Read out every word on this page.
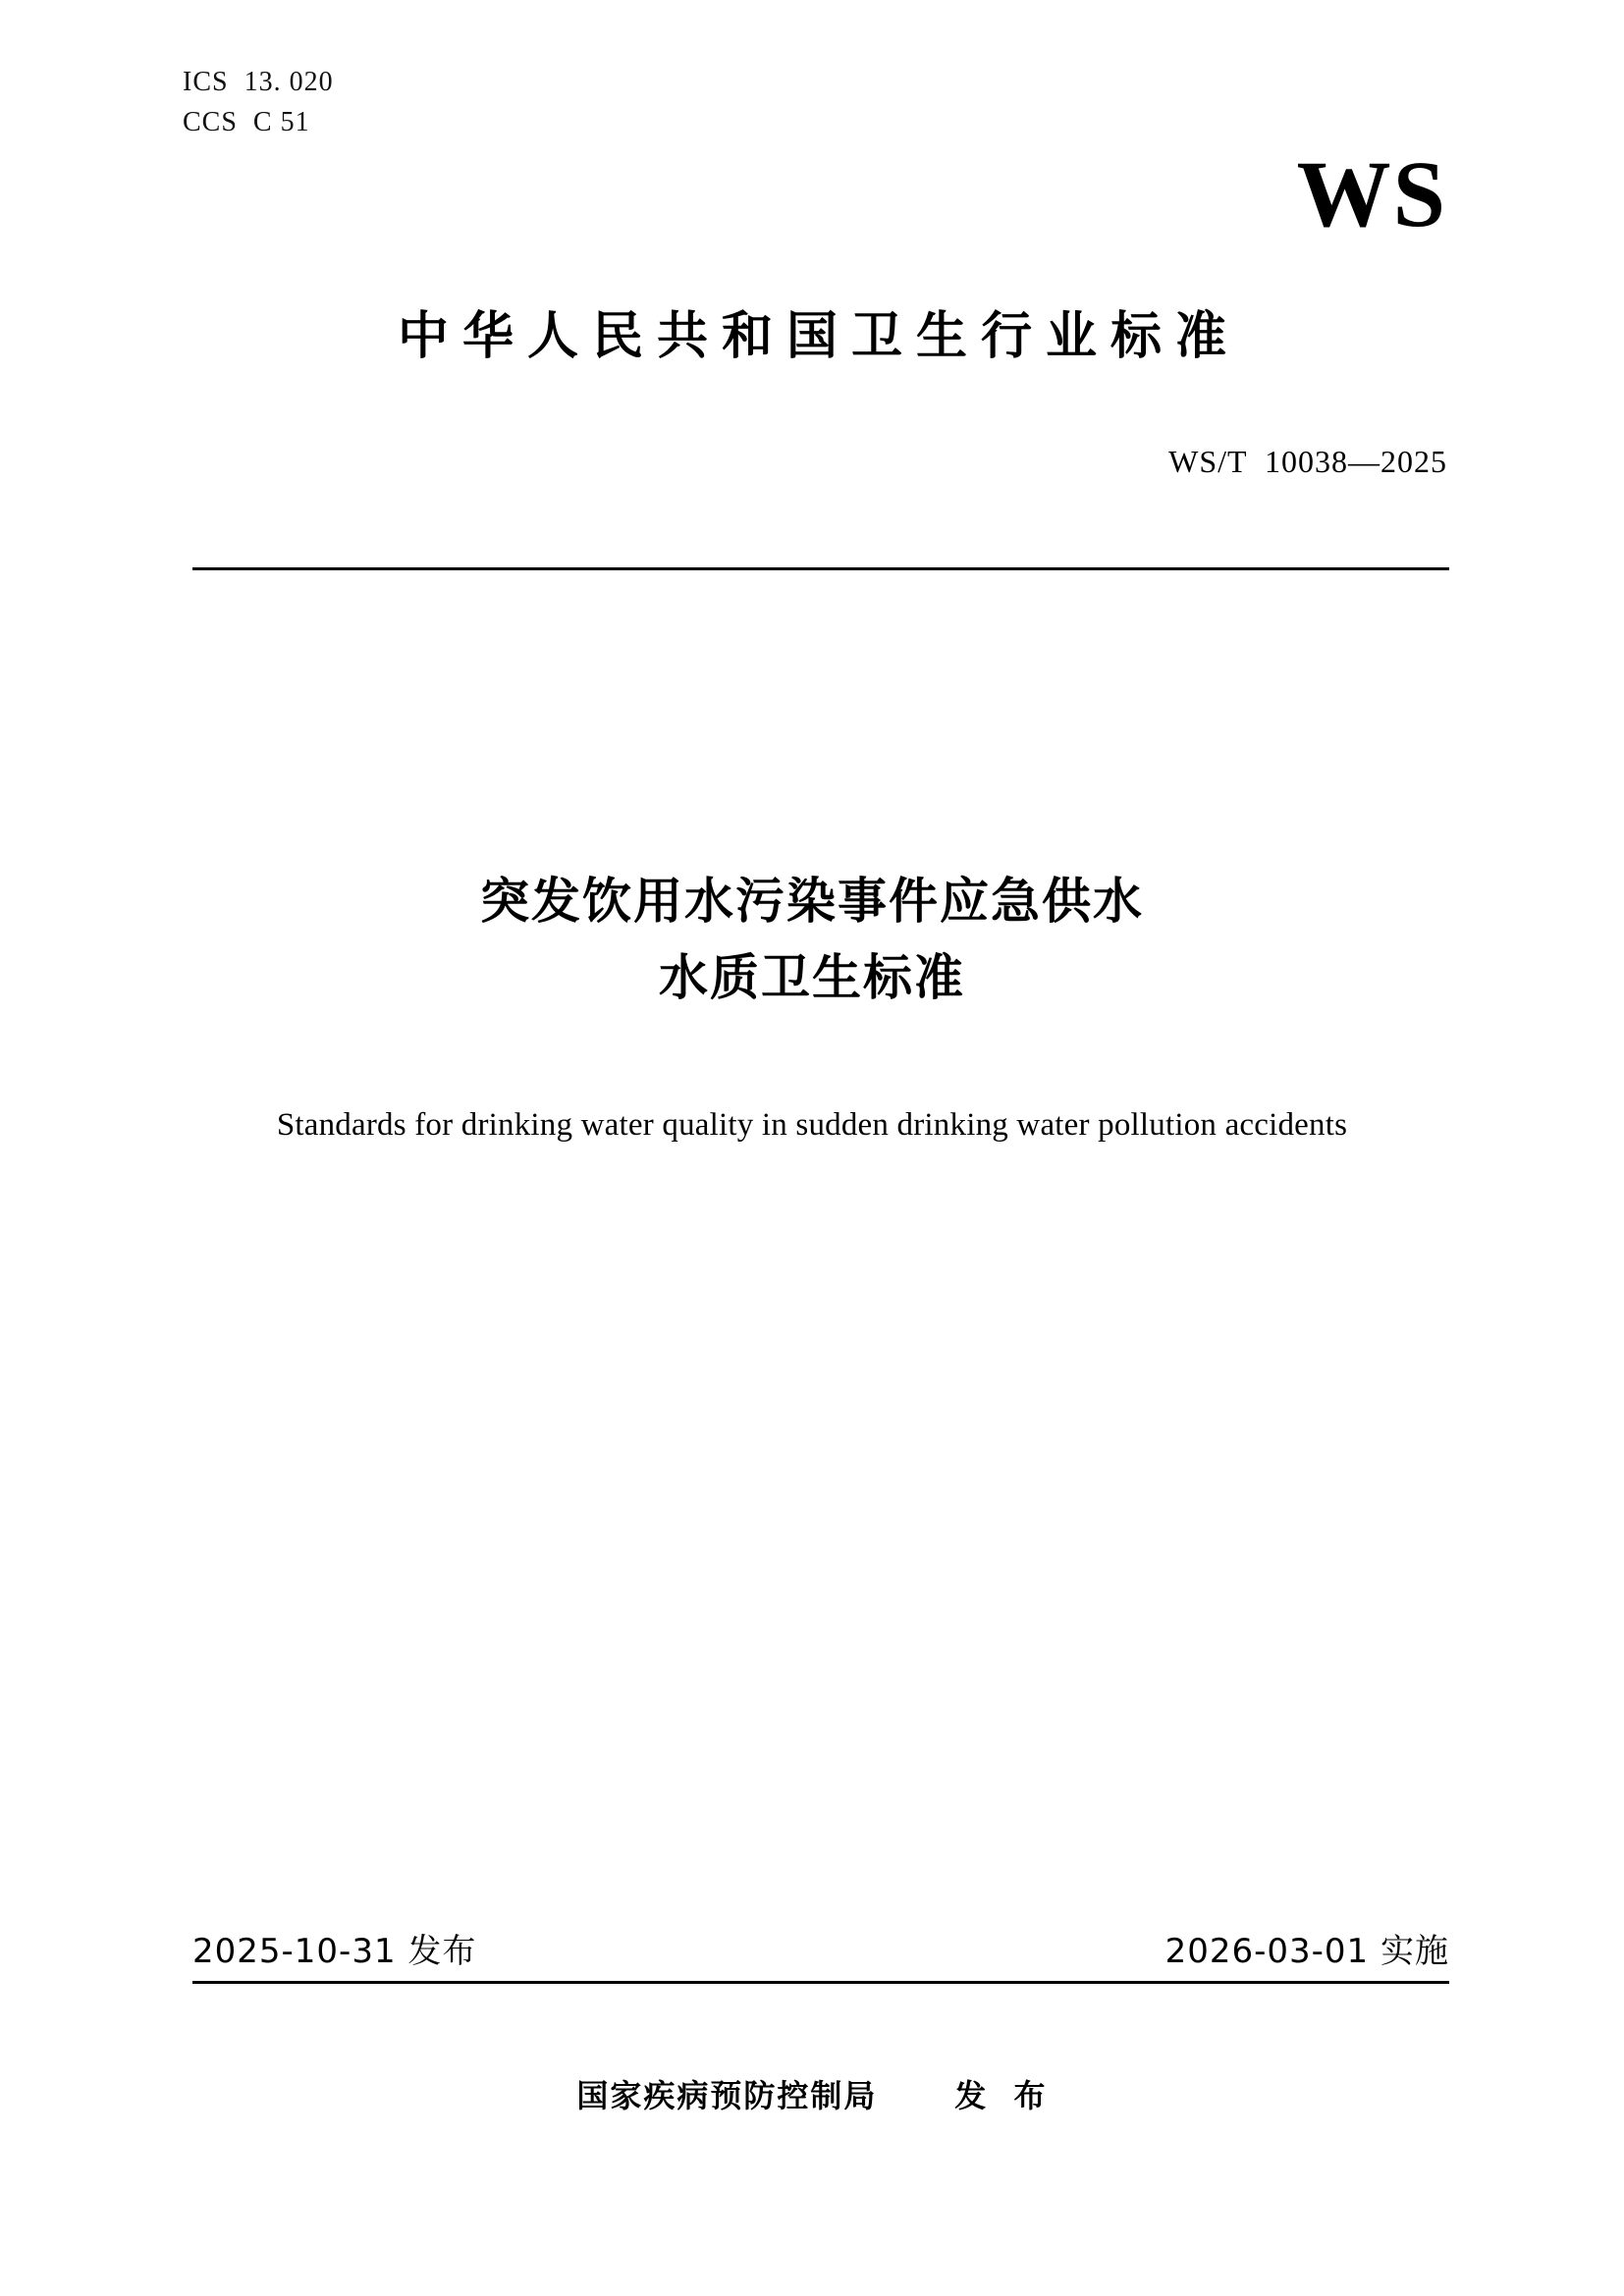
ICS  13. 020
CCS  C 51
WS
中华人民共和国卫生行业标准
WS/T  10038—2025
突发饮用水污染事件应急供水
水质卫生标准
Standards for drinking water quality in sudden drinking water pollution accidents
2025-10-31 发布	2026-03-01 实施
国家疾病预防控制局      发  布
